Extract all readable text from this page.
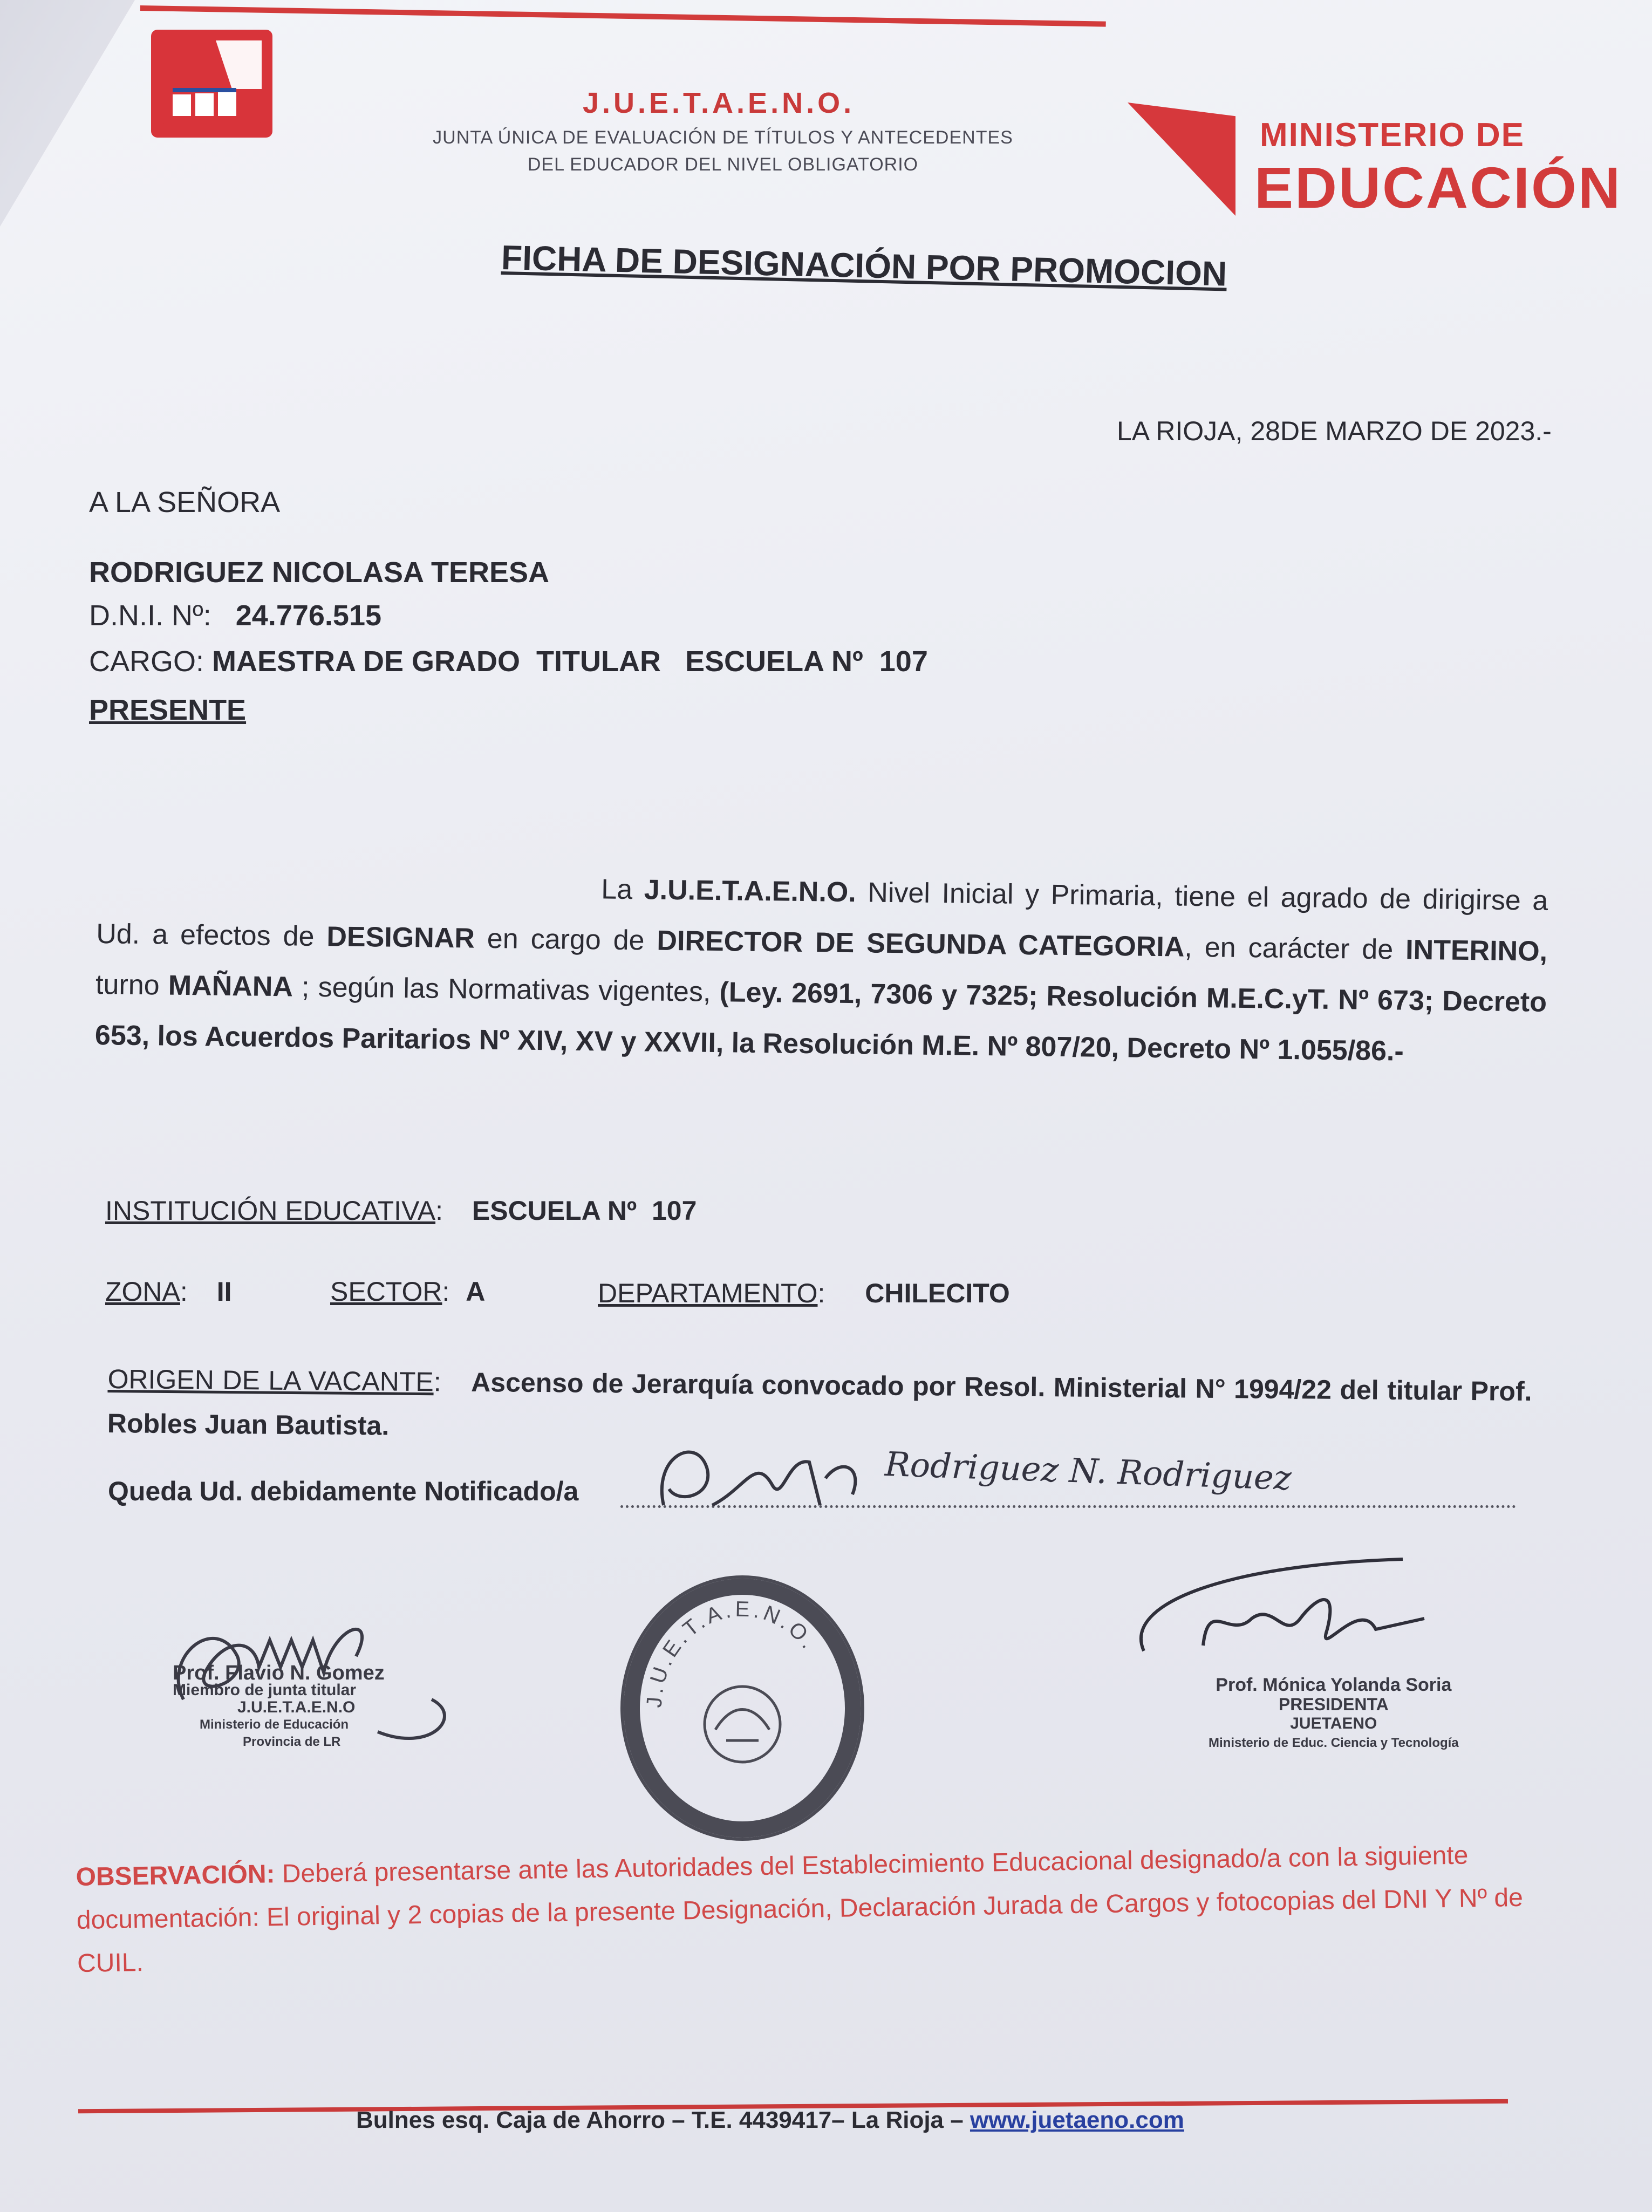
J.U.E.T.A.E.N.O.
JUNTA ÚNICA DE EVALUACIÓN DE TÍTULOS Y ANTECEDENTES
DEL EDUCADOR DEL NIVEL OBLIGATORIO
MINISTERIO DE
EDUCACIÓN
FICHA DE DESIGNACIÓN POR PROMOCION
LA RIOJA, 28DE MARZO DE 2023.-
A LA SEÑORA
RODRIGUEZ NICOLASA TERESA
D.N.I. Nº: 24.776.515
CARGO: MAESTRA DE GRADO  TITULAR   ESCUELA Nº  107
PRESENTE
La J.U.E.T.A.E.N.O. Nivel Inicial y Primaria, tiene el agrado de dirigirse a Ud. a efectos de DESIGNAR en cargo de DIRECTOR DE SEGUNDA CATEGORIA, en carácter de INTERINO, turno MAÑANA ; según las Normativas vigentes, (Ley. 2691, 7306 y 7325; Resolución M.E.C.yT. Nº 673; Decreto 653, los Acuerdos Paritarios Nº XIV, XV y XXVII, la Resolución M.E. Nº 807/20, Decreto Nº 1.055/86.-
INSTITUCIÓN EDUCATIVA: ESCUELA Nº  107
ZONA: II	SECTOR: A	DEPARTAMENTO: CHILECITO
ORIGEN DE LA VACANTE: Ascenso de Jerarquía convocado por Resol. Ministerial N° 1994/22 del titular Prof. Robles Juan Bautista.
Queda Ud. debidamente Notificado/a	Rodriguez N. Rodriguez
Prof. Flavio N. Gomez
Miembro de junta titular
J.U.E.T.A.E.N.O
Ministerio de Educación
Provincia de LR
J.U.E.T.A.E.N.O.
Prof. Mónica Yolanda Soria
PRESIDENTA
JUETAENO
Ministerio de Educ. Ciencia y Tecnología
OBSERVACIÓN: Deberá presentarse ante las Autoridades del Establecimiento Educacional designado/a con la siguiente documentación: El original y 2 copias de la presente Designación, Declaración Jurada de Cargos y fotocopias del DNI Y Nº de CUIL.
Bulnes esq. Caja de Ahorro – T.E. 4439417– La Rioja – www.juetaeno.com
